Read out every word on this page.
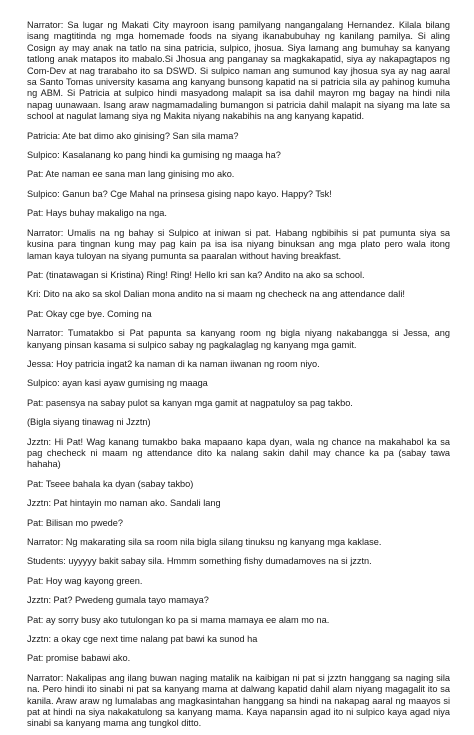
Narrator: Sa lugar ng Makati City mayroon isang pamilyang nangangalang Hernandez. Kilala bilang isang magtitinda ng mga homemade foods na siyang ikanabubuhay ng kanilang pamilya. Si aling Cosign ay may anak na tatlo na sina patricia, sulpico, jhosua. Siya lamang ang bumuhay sa kanyang tatlong anak matapos ito mabalo.Si Jhosua ang panganay sa magkakapatid, siya ay nakapagtapos ng Com-Dev at nag trarabaho ito sa DSWD. Si sulpico naman ang sumunod kay jhosua sya ay nag aaral sa Santo Tomas university kasama ang kanyang bunsong kapatid na si patricia sila ay pahinog kumuha ng ABM. Si Patricia at sulpico hindi masyadong malapit sa isa dahil mayron mg bagay na hindi nila napag uunawaan. Isang araw nagmamadaling bumangon si patricia dahil malapit na siyang ma late sa school at nagulat lamang siya ng Makita niyang nakabihis na ang kanyang kapatid.

Patricia: Ate bat dimo ako ginising? San sila mama?

Sulpico: Kasalanang ko pang hindi ka gumising ng maaga ha?

Pat: Ate naman ee sana man lang ginising mo ako.

Sulpico: Ganun ba? Cge Mahal na prinsesa gising napo kayo. Happy? Tsk!

Pat: Hays buhay makaligo na nga.

Narrator: Umalis na ng bahay si Sulpico at iniwan si pat. Habang ngbibihis si pat pumunta siya sa kusina para tingnan kung may pag kain pa isa isa niyang binuksan ang mga plato pero wala itong laman kaya tuloyan na siyang pumunta sa paaralan without having breakfast.

Pat: (tinatawagan si Kristina) Ring! Ring! Hello kri san ka? Andito na ako sa school.

Kri: Dito na ako sa skol Dalian mona andito na si maam ng checheck na ang attendance dali!

Pat: Okay cge bye. Coming na

Narrator: Tumatakbo si Pat papunta sa kanyang room ng bigla niyang nakabangga si Jessa, ang kanyang pinsan kasama si sulpico sabay ng pagkalaglag ng kanyang mga gamit.

Jessa: Hoy patricia ingat2 ka naman di ka naman iiwanan ng room niyo.

Sulpico: ayan kasi ayaw gumising ng maaga

Pat: pasensya na sabay pulot sa kanyan mga gamit at nagpatuloy sa pag takbo.

(Bigla siyang tinawag ni Jzztn)

Jzztn: Hi Pat! Wag kanang tumakbo baka mapaano kapa dyan, wala ng chance na makahabol ka sa pag checheck ni maam ng attendance dito ka nalang sakin dahil may chance ka pa (sabay tawa hahaha)

Pat: Tseee bahala ka dyan (sabay takbo)

Jzztn: Pat hintayin mo naman ako. Sandali lang

Pat: Bilisan mo pwede?

Narrator: Ng makarating sila sa room nila bigla silang tinuksu ng kanyang mga kaklase.

Students: uyyyyy bakit sabay sila. Hmmm something fishy dumadamoves na si jzztn.

Pat: Hoy wag kayong green.

Jzztn: Pat? Pwedeng gumala tayo mamaya?

Pat: ay sorry busy ako tutulongan ko pa si mama mamaya ee alam mo na.

Jzztn: a okay cge next time nalang pat bawi ka sunod ha

Pat: promise babawi ako.

Narrator: Nakalipas ang ilang buwan naging matalik na kaibigan ni pat si jzztn hanggang sa naging sila na. Pero hindi ito sinabi ni pat sa kanyang mama at dalwang kapatid dahil alam niyang magagalit ito sa kanila. Araw araw ng lumalabas ang magkasintahan hanggang sa hindi na nakapag aaral ng maayos si pat at hindi na siya nakakatulong sa kanyang mama. Kaya napansin agad ito ni sulpico kaya agad niya sinabi sa kanyang mama ang tungkol ditto.
